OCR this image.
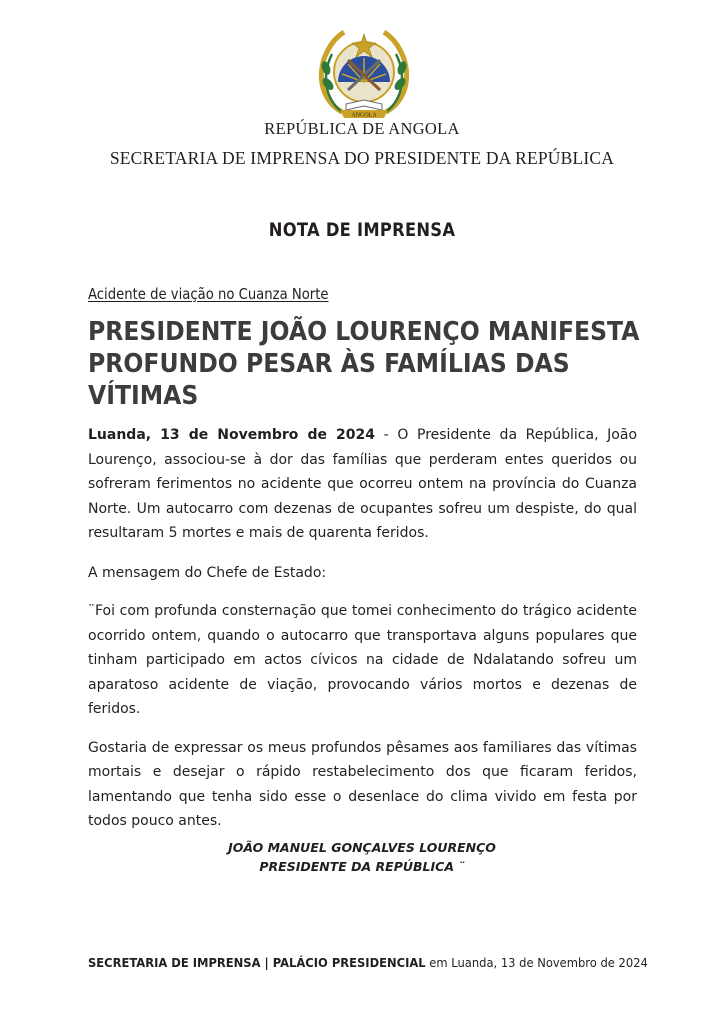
ANGOLA
REPÚBLICA DE ANGOLA
SECRETARIA DE IMPRENSA DO PRESIDENTE DA REPÚBLICA
NOTA DE IMPRENSA
Acidente de viação no Cuanza Norte
PRESIDENTE JOÃO LOURENÇO MANIFESTA
PROFUNDO PESAR ÀS FAMÍLIAS DAS VÍTIMAS

Luanda, 13 de Novembro de 2024 - O Presidente da República, João Lourenço, associou-se à dor das famílias que perderam entes queridos ou sofreram ferimentos no acidente que ocorreu ontem na província do Cuanza Norte. Um autocarro com dezenas de ocupantes sofreu um despiste, do qual resultaram 5 mortes e mais de quarenta feridos.

A mensagem do Chefe de Estado:

¨Foi com profunda consternação que tomei conhecimento do trágico acidente ocorrido ontem, quando o autocarro que transportava alguns populares que tinham participado em actos cívicos na cidade de Ndalatando sofreu um aparatoso acidente de viação, provocando vários mortos e dezenas de feridos.

Gostaria de expressar os meus profundos pêsames aos familiares das vítimas mortais e desejar o rápido restabelecimento dos que ficaram feridos, lamentando que tenha sido esse o desenlace do clima vivido em festa por todos pouco antes.

JOÃO MANUEL GONÇALVES LOURENÇO
PRESIDENTE DA REPÚBLICA ¨
SECRETARIA DE IMPRENSA | PALÁCIO PRESIDENCIAL em Luanda, 13 de Novembro de 2024
